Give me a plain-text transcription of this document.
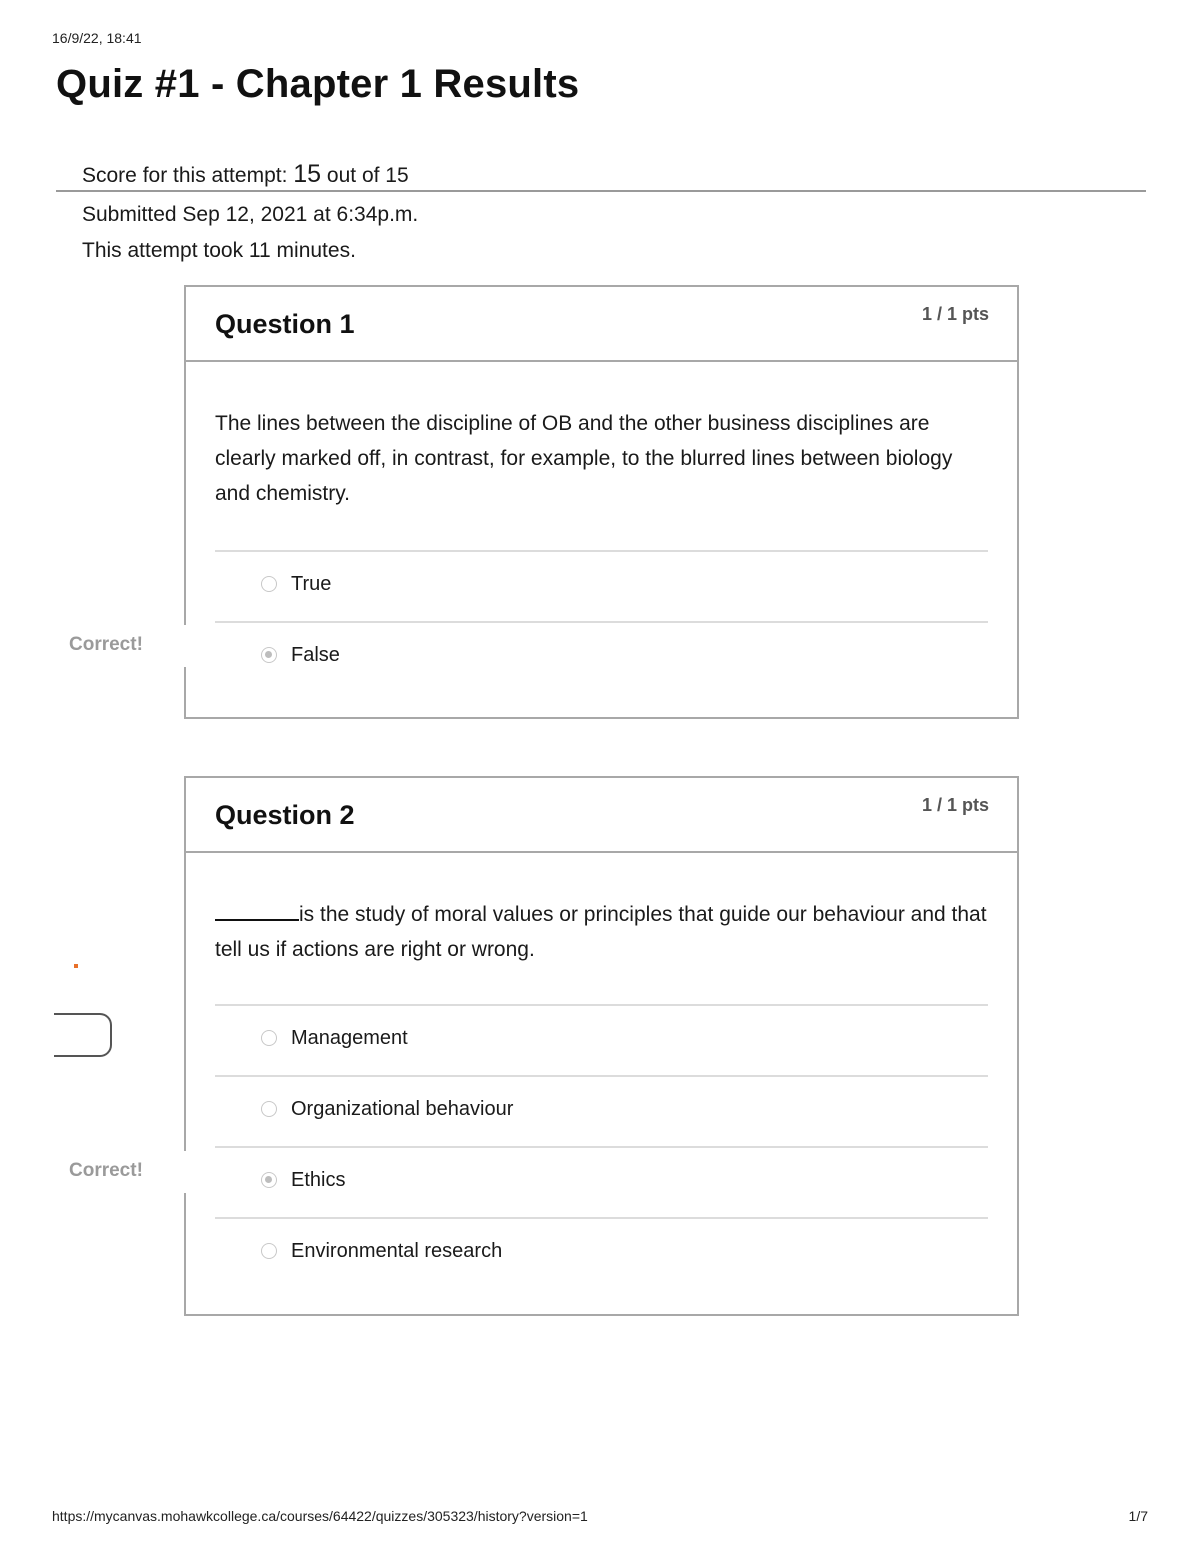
16/9/22, 18:41
Quiz #1 - Chapter 1 Results
Score for this attempt: 15 out of 15
Submitted Sep 12, 2021 at 6:34p.m.
This attempt took 11 minutes.
Question 1	1 / 1 pts
The lines between the discipline of OB and the other business disciplines are clearly marked off, in contrast, for example, to the blurred lines between biology and chemistry.
True
False
Correct!
Question 2	1 / 1 pts
is the study of moral values or principles that guide our behaviour and that tell us if actions are right or wrong.
Management
Organizational behaviour
Ethics
Environmental research
Correct!
https://mycanvas.mohawkcollege.ca/courses/64422/quizzes/305323/history?version=1	1/7
